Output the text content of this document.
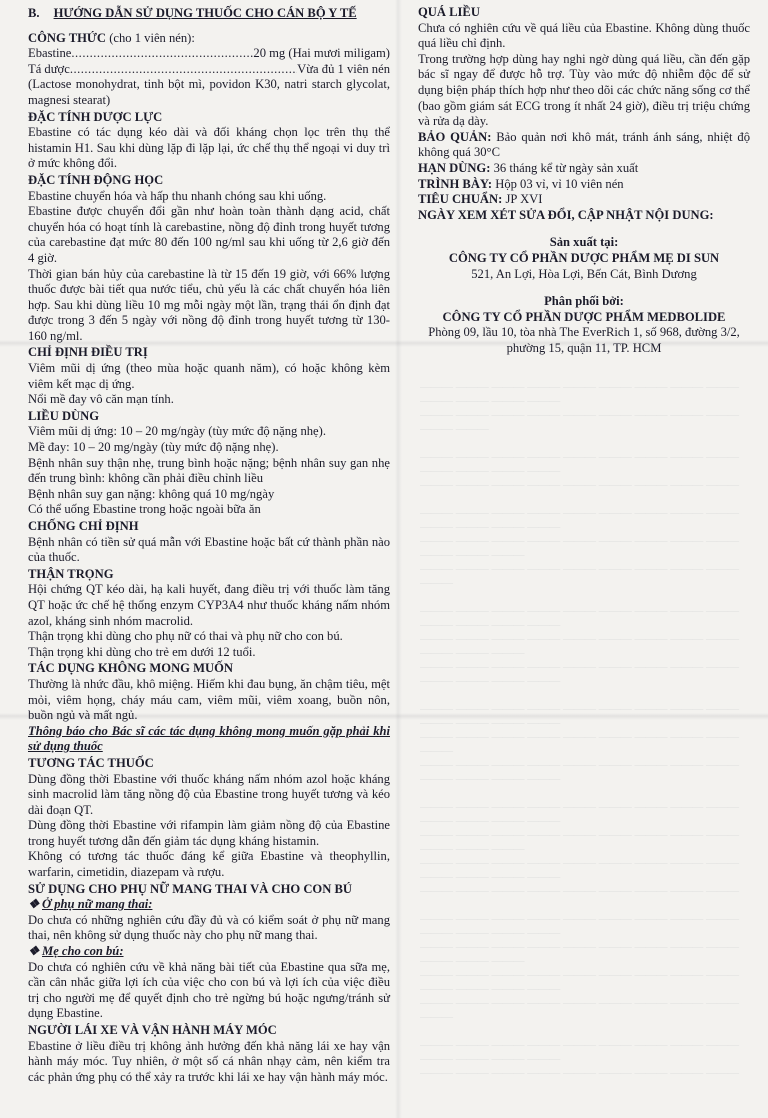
——— ——— ——— ——— ——— ——— ——— ——— ——— ——— ——— ——— ———
——— ——— ——— ——— ——— ——— ——— ——— ——— ——— ———

——— ——— ——— ——— ——— ——— ——— ——— ——— ——— ——— ——— ———
——— ——— ——— ——— ——— ——— ——— ——— ———

——— ——— ——— ——— ——— ——— ——— ——— ——— ——— ——— ——— ———
——— ——— ——— ——— ——— ——— ——— ——— ——— ——— ——— ———
——— ——— ——— ——— ——— ——— ——— ——— ——— ———

——— ——— ——— ——— ——— ——— ——— ——— ——— ——— ——— ——— ———
——— ——— ——— ——— ——— ——— ——— ——— ——— ——— ——— ———
——— ——— ——— ——— ——— ——— ——— ——— ——— ——— ——— ——— ———

——— ——— ——— ——— ——— ——— ——— ——— ——— ——— ——— ——— ———
——— ——— ——— ——— ——— ——— ——— ——— ——— ———
——— ——— ——— ——— ——— ——— ——— ——— ——— ——— ——— ——— ———

——— ——— ——— ——— ——— ——— ——— ——— ——— ——— ——— ——— ———
——— ——— ——— ——— ——— ——— ——— ——— ——— ——— ——— ———
——— ——— ——— ——— ——— ——— ——— ——— ——— ——— ——— ——— ———
——— ——— ——— ——— ——— ——— ——— ——— ———

——— ——— ——— ——— ——— ——— ——— ——— ——— ——— ——— ——— ———
——— ——— ——— ——— ——— ——— ——— ——— ——— ——— ——— ———
——— ——— ——— ——— ——— ——— ——— ——— ——— ——— ——— ——— ———
——— ——— ——— ——— ——— ——— ——— ——— ——— ———

——— ——— ——— ——— ——— ——— ——— ——— ——— ——— ——— ——— ———
——— ——— ——— ——— ——— ——— ——— ——— ———

B. HƯỚNG DẪN SỬ DỤNG THUỐC CHO CÁN BỘ Y TẾ
CÔNG THỨC (cho 1 viên nén):
Ebastine .....	20 mg (Hai mươi miligam)
Tá dược .....	Vừa đủ 1 viên nén

(Lactose monohydrat, tinh bột mì, povidon K30, natri starch glycolat, magnesi stearat)

ĐẶC TÍNH DƯỢC LỰC

Ebastine có tác dụng kéo dài và đối kháng chọn lọc trên thụ thể histamin H1. Sau khi dùng lặp đi lặp lại, ức chế thụ thể ngoại vi duy trì ở mức không đổi.

ĐẶC TÍNH ĐỘNG HỌC

Ebastine chuyển hóa và hấp thu nhanh chóng sau khi uống.

Ebastine được chuyển đổi gần như hoàn toàn thành dạng acid, chất chuyển hóa có hoạt tính là carebastine, nồng độ đỉnh trong huyết tương của carebastine đạt mức 80 đến 100 ng/ml sau khi uống từ 2,6 giờ đến 4 giờ.

Thời gian bán hủy của carebastine là từ 15 đến 19 giờ, với 66% lượng thuốc được bài tiết qua nước tiểu, chủ yếu là các chất chuyển hóa liên hợp. Sau khi dùng liều 10 mg mỗi ngày một lần, trạng thái ổn định đạt được trong 3 đến 5 ngày với nồng độ đỉnh trong huyết tương từ 130-160 ng/ml.

CHỈ ĐỊNH ĐIỀU TRỊ

Viêm mũi dị ứng (theo mùa hoặc quanh năm), có hoặc không kèm viêm kết mạc dị ứng.

Nổi mề đay vô căn mạn tính.

LIỀU DÙNG

Viêm mũi dị ứng: 10 – 20 mg/ngày (tùy mức độ nặng nhẹ).

Mề đay: 10 – 20 mg/ngày (tùy mức độ nặng nhẹ).

Bệnh nhân suy thận nhẹ, trung bình hoặc nặng; bệnh nhân suy gan nhẹ đến trung bình: không cần phải điều chỉnh liều

Bệnh nhân suy gan nặng: không quá 10 mg/ngày

Có thể uống Ebastine trong hoặc ngoài bữa ăn

CHỐNG CHỈ ĐỊNH

Bệnh nhân có tiền sử quá mẫn với Ebastine hoặc bất cứ thành phần nào của thuốc.

THẬN TRỌNG

Hội chứng QT kéo dài, hạ kali huyết, đang điều trị với thuốc làm tăng QT hoặc ức chế hệ thống enzym CYP3A4 như thuốc kháng nấm nhóm azol, kháng sinh nhóm macrolid.

Thận trọng khi dùng cho phụ nữ có thai và phụ nữ cho con bú.

Thận trọng khi dùng cho trẻ em dưới 12 tuổi.

TÁC DỤNG KHÔNG MONG MUỐN

Thường là nhức đầu, khô miệng. Hiếm khi đau bụng, ăn chậm tiêu, mệt mỏi, viêm họng, cháy máu cam, viêm mũi, viêm xoang, buồn nôn, buồn ngủ và mất ngủ.

Thông báo cho Bác sĩ các tác dụng không mong muốn gặp phải khi sử dụng thuốc

TƯƠNG TÁC THUỐC

Dùng đồng thời Ebastine với thuốc kháng nấm nhóm azol hoặc kháng sinh macrolid làm tăng nồng độ của Ebastine trong huyết tương và kéo dài đoạn QT.

Dùng đồng thời Ebastine với rifampin làm giảm nồng độ của Ebastine trong huyết tương dẫn đến giảm tác dụng kháng histamin.

Không có tương tác thuốc đáng kể giữa Ebastine và theophyllin, warfarin, cimetidin, diazepam và rượu.

SỬ DỤNG CHO PHỤ NỮ MANG THAI VÀ CHO CON BÚ
❖ Ở phụ nữ mang thai:

Do chưa có những nghiên cứu đầy đủ và có kiểm soát ở phụ nữ mang thai, nên không sử dụng thuốc này cho phụ nữ mang thai.

❖ Mẹ cho con bú:

Do chưa có nghiên cứu về khả năng bài tiết của Ebastine qua sữa mẹ, cần cân nhắc giữa lợi ích của việc cho con bú và lợi ích của việc điều trị cho người mẹ để quyết định cho trẻ ngừng bú hoặc ngưng/tránh sử dụng Ebastine.

NGƯỜI LÁI XE VÀ VẬN HÀNH MÁY MÓC

Ebastine ở liều điều trị không ảnh hưởng đến khả năng lái xe hay vận hành máy móc. Tuy nhiên, ở một số cá nhân nhạy cảm, nên kiểm tra các phản ứng phụ có thể xảy ra trước khi lái xe hay vận hành máy móc.

QUÁ LIỀU

Chưa có nghiên cứu về quá liều của Ebastine. Không dùng thuốc quá liều chỉ định.

Trong trường hợp dùng hay nghi ngờ dùng quá liều, cần đến gặp bác sĩ ngay để được hỗ trợ. Tùy vào mức độ nhiễm độc để sử dụng biện pháp thích hợp như theo dõi các chức năng sống cơ thể (bao gồm giám sát ECG trong ít nhất 24 giờ), điều trị triệu chứng và rửa dạ dày.

BẢO QUẢN: Bảo quản nơi khô mát, tránh ánh sáng, nhiệt độ không quá 30°C

HẠN DÙNG: 36 tháng kể từ ngày sản xuất

TRÌNH BÀY: Hộp 03 vỉ, vỉ 10 viên nén

TIÊU CHUẨN: JP XVI

NGÀY XEM XÉT SỬA ĐỔI, CẬP NHẬT NỘI DUNG:

Sản xuất tại:
CÔNG TY CỔ PHẦN DƯỢC PHẨM MẸ DI SUN
521, An Lợi, Hòa Lợi, Bến Cát, Bình Dương
Phân phối bởi:
CÔNG TY CỔ PHẦN DƯỢC PHẨM MEDBOLIDE
Phòng 09, lầu 10, tòa nhà The EverRich 1, số 968, đường 3/2, phường 15, quận 11, TP. HCM
